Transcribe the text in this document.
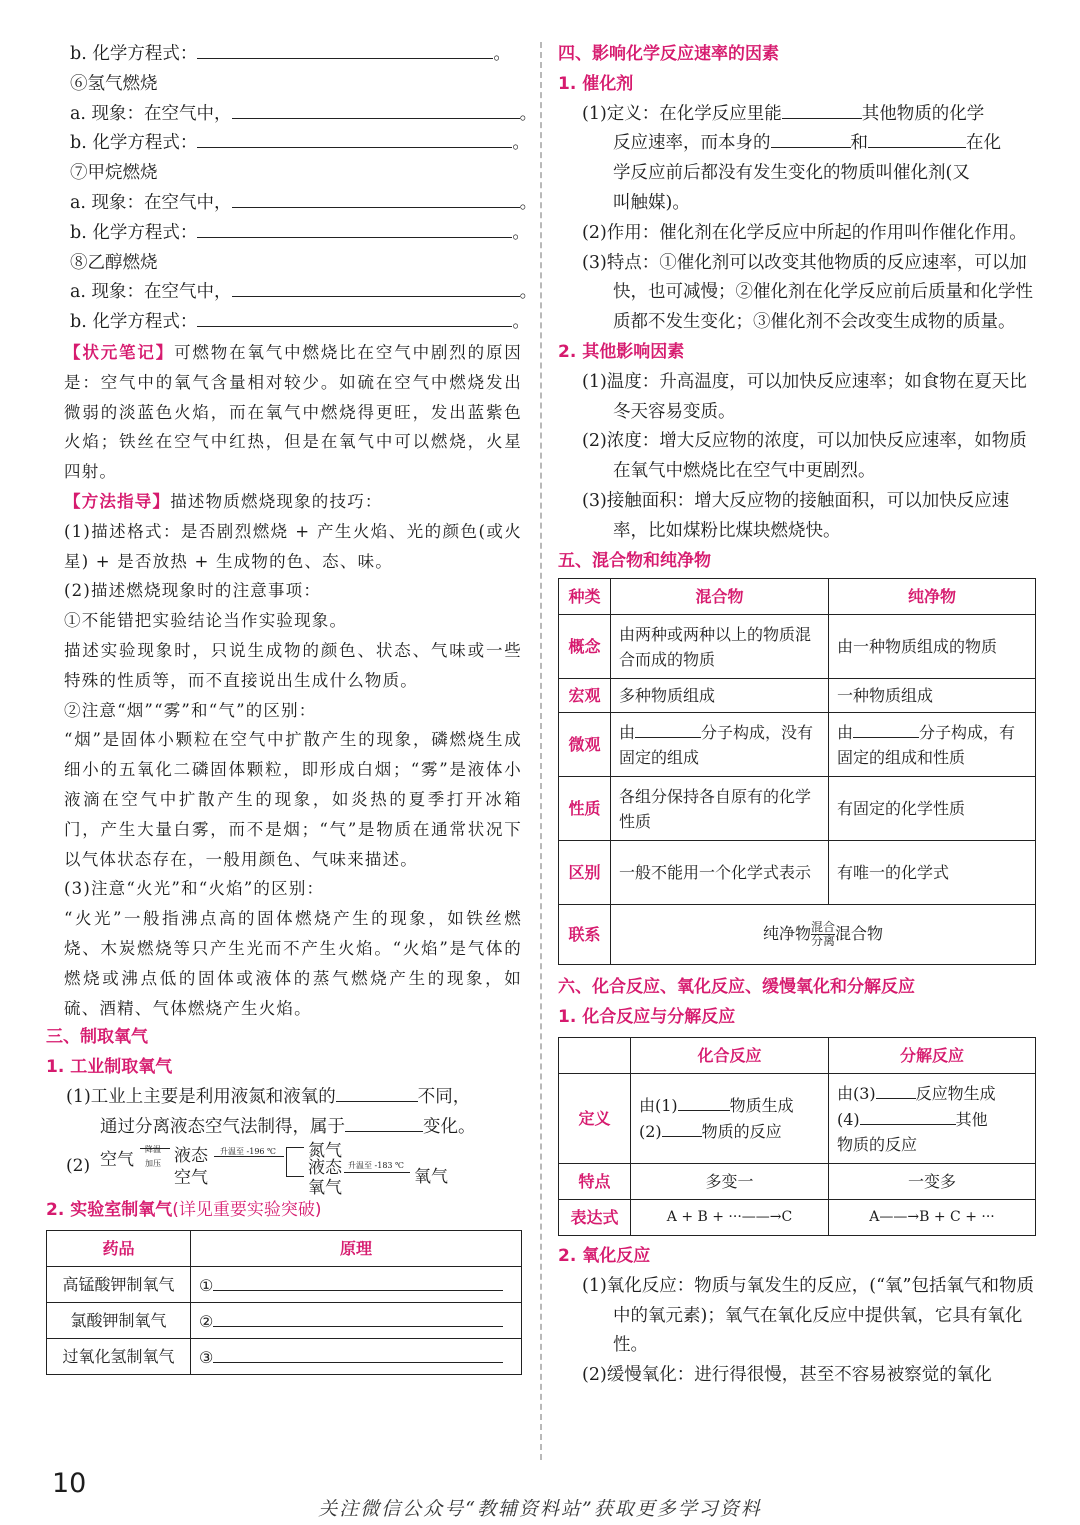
b. 化学方程式：	。
⑥氢气燃烧
a. 现象：在空气中，	。
b. 化学方程式：	。
⑦甲烷燃烧
a. 现象：在空气中，	。
b. 化学方程式：	。
⑧乙醇燃烧
a. 现象：在空气中，	。
b. 化学方程式：	。
【状元笔记】可燃物在氧气中燃烧比在空气中剧烈的原因是：空气中的氧气含量相对较少。如硫在空气中燃烧发出微弱的淡蓝色火焰，而在氧气中燃烧得更旺，发出蓝紫色火焰；铁丝在空气中红热，但是在氧气中可以燃烧，火星四射。
【方法指导】描述物质燃烧现象的技巧：
(1)描述格式：是否剧烈燃烧 + 产生火焰、光的颜色(或火星) + 是否放热 + 生成物的色、态、味。
(2)描述燃烧现象时的注意事项：
①不能错把实验结论当作实验现象。
描述实验现象时，只说生成物的颜色、状态、气味或一些特殊的性质等，而不直接说出生成什么物质。
②注意“烟”“雾”和“气”的区别：
“烟”是固体小颗粒在空气中扩散产生的现象，磷燃烧生成细小的五氧化二磷固体颗粒，即形成白烟；“雾”是液体小液滴在空气中扩散产生的现象，如炎热的夏季打开冰箱门，产生大量白雾，而不是烟；“气”是物质在通常状况下以气体状态存在，一般用颜色、气味来描述。
(3)注意“火光”和“火焰”的区别：
“火光”一般指沸点高的固体燃烧产生的现象，如铁丝燃烧、木炭燃烧等只产生光而不产生火焰。“火焰”是气体的燃烧或沸点低的固体或液体的蒸气燃烧产生的现象，如硫、酒精、气体燃烧产生火焰。
三、制取氧气
1. 工业制取氧气
(1)工业上主要是利用液氮和液氧的	不同，
通过分离液态空气法制得，属于	变化。
(2) 空气
降温
加压 液态空气
升温至 -196 ℃ 氮气
液态氧气
升温至 -183 ℃
氧气
2. 实验室制氧气(详见重要实验突破)
药品	原理
高锰酸钾制氧气	①
氯酸钾制氧气	②
过氧化氢制氧气	③
四、影响化学反应速率的因素
1. 催化剂
(1)定义：在化学反应里能	其他物质的化学
反应速率，而本身的	和	在化
学反应前后都没有发生变化的物质叫催化剂(又
叫触媒)。
(2)作用：催化剂在化学反应中所起的作用叫作催化作用。
(3)特点：①催化剂可以改变其他物质的反应速率，可以加快，也可减慢；②催化剂在化学反应前后质量和化学性质都不发生变化；③催化剂不会改变生成物的质量。
2. 其他影响因素
(1)温度：升高温度，可以加快反应速率；如食物在夏天比冬天容易变质。
(2)浓度：增大反应物的浓度，可以加快反应速率，如物质在氧气中燃烧比在空气中更剧烈。
(3)接触面积：增大反应物的接触面积，可以加快反应速率，比如煤粉比煤块燃烧快。
五、混合物和纯净物
种类	混合物	纯净物
概念	由两种或两种以上的物质混合而成的物质	由一种物质组成的物质
宏观	多种物质组成	一种物质组成
微观	由 分子构成，没有固定的组成	由 分子构成，有固定的组成和性质
性质	各组分保持各自原有的化学性质	有固定的化学性质
区别	一般不能用一个化学式表示	有唯一的化学式
联系	纯净物 $\frac{\text{混合}}{\text{分离}}$ 混合物	
六、化合反应、氧化反应、缓慢氧化和分解反应
1. 化合反应与分解反应
	化合反应	分解反应
定义	由(1) 物质生成
(2) 物质的反应	由(3) 反应物生成
(4) 其他
物质的反应
特点	多变一	一变多
表达式	A + B + ···——→C	A——→B + C + ···
2. 氧化反应
(1)氧化反应：物质与氧发生的反应，(“氧”包括氧气和物质中的氧元素)；氧气在氧化反应中提供氧，它具有氧化性。
(2)缓慢氧化：进行得很慢，甚至不容易被察觉的氧化
10
关注微信公众号“教辅资料站”获取更多学习资料
